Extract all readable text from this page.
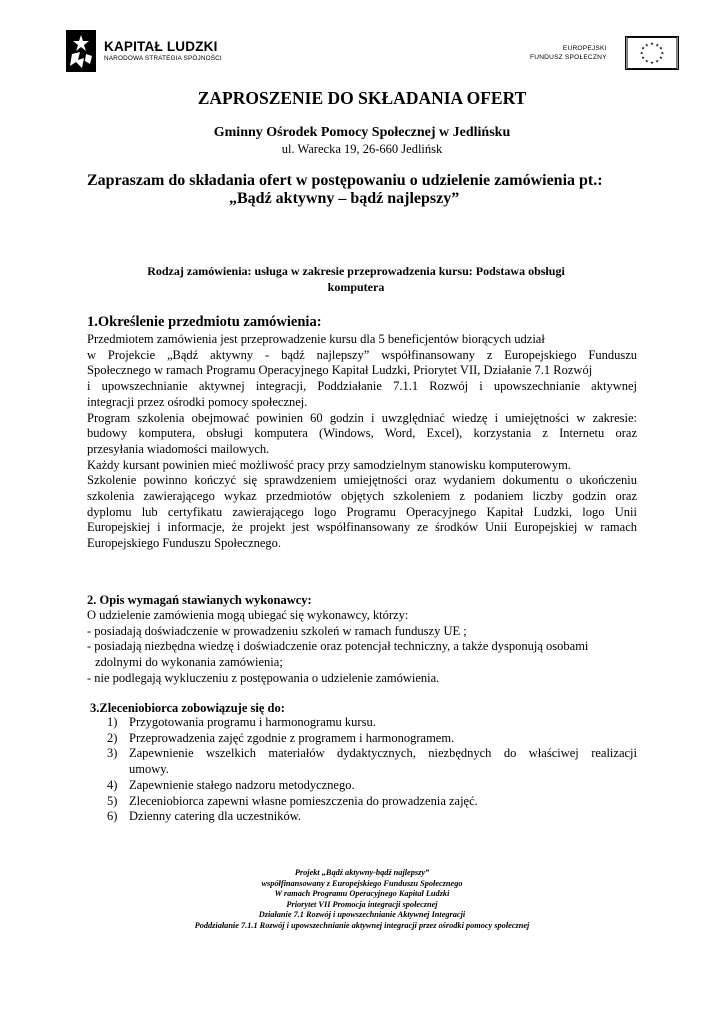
KAPITAŁ LUDZKI
NARODOWA STRATEGIA SPÓJNOŚCI
EUROPEJSKI
FUNDUSZ SPOŁECZNY
★ ★
★
★
★
★
★
★
★
★
★
★
ZAPROSZENIE DO SKŁADANIA OFERT
Gminny Ośrodek Pomocy Społecznej w Jedlińsku
ul. Warecka 19, 26-660 Jedlińsk
Zapraszam do składania ofert w postępowaniu o udzielenie zamówienia pt.:
„Bądź aktywny – bądź najlepszy”
Rodzaj zamówienia: usługa w zakresie przeprowadzenia kursu: Podstawa obsługi
komputera
1.Określenie przedmiotu zamówienia:
Przedmiotem zamówienia jest przeprowadzenie kursu dla 5 beneficjentów biorących udział
w Projekcie „Bądź aktywny - bądź najlepszy” współfinansowany z Europejskiego Funduszu
Społecznego w ramach Programu Operacyjnego Kapitał Ludzki, Priorytet VII, Działanie 7.1 Rozwój
i upowszechnianie aktywnej integracji, Poddziałanie 7.1.1 Rozwój i upowszechnianie aktywnej
integracji przez ośrodki pomocy społecznej.
Program szkolenia obejmować powinien 60 godzin i uwzględniać wiedzę i umiejętności w zakresie:
budowy komputera, obsługi komputera (Windows, Word, Excel), korzystania z Internetu oraz
przesyłania wiadomości mailowych.
Każdy kursant powinien mieć możliwość pracy przy samodzielnym stanowisku komputerowym.
Szkolenie powinno kończyć się sprawdzeniem umiejętności oraz wydaniem dokumentu o ukończeniu
szkolenia zawierającego wykaz przedmiotów objętych szkoleniem z podaniem liczby godzin oraz
dyplomu lub certyfikatu zawierającego logo Programu Operacyjnego Kapitał Ludzki, logo Unii
Europejskiej i informacje, że projekt jest współfinansowany ze środków Unii Europejskiej w ramach
Europejskiego Funduszu Społecznego.
2. Opis wymagań stawianych wykonawcy:
O udzielenie zamówienia mogą ubiegać się wykonawcy, którzy:
- posiadają doświadczenie w prowadzeniu szkoleń w ramach funduszy UE ;
- posiadają niezbędna wiedzę i doświadczenie oraz potencjał techniczny, a także dysponują osobami
zdolnymi do wykonania zamówienia;
- nie podlegają wykluczeniu z postępowania o udzielenie zamówienia.
3.Zleceniobiorca zobowiązuje się do:
1) Przygotowania programu i harmonogramu kursu.
2) Przeprowadzenia zajęć zgodnie z programem i harmonogramem.
3) Zapewnienie wszelkich materiałów dydaktycznych, niezbędnych do właściwej realizacji
umowy.
4) Zapewnienie stałego nadzoru metodycznego.
5) Zleceniobiorca zapewni własne pomieszczenia do prowadzenia zajęć.
6) Dzienny catering dla uczestników.
Projekt „Bądź aktywny-bądź najlepszy”
współfinansowany z Europejskiego Funduszu Społecznego
W ramach Programu Operacyjnego Kapitał Ludzki
Priorytet VII Promocja integracji społecznej
Działanie 7.1 Rozwój i upowszechnianie Aktywnej Integracji
Poddziałanie 7.1.1 Rozwój i upowszechnianie aktywnej integracji przez ośrodki pomocy społecznej
